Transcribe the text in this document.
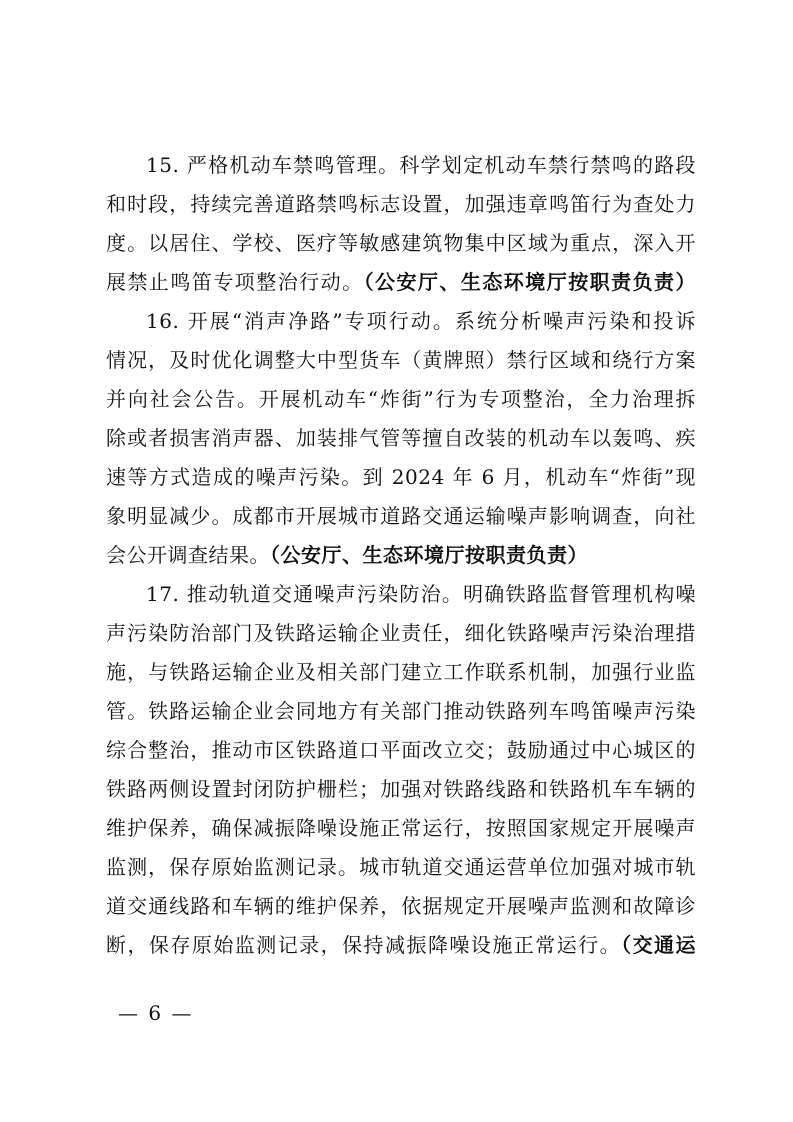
15. 严格机动车禁鸣管理。科学划定机动车禁行禁鸣的路段
和时段，持续完善道路禁鸣标志设置，加强违章鸣笛行为查处力
度。以居住、学校、医疗等敏感建筑物集中区域为重点，深入开
展禁止鸣笛专项整治行动。（公安厅、生态环境厅按职责负责）
16. 开展“消声净路”专项行动。系统分析噪声污染和投诉
情况，及时优化调整大中型货车（黄牌照）禁行区域和绕行方案
并向社会公告。开展机动车“炸街”行为专项整治，全力治理拆
除或者损害消声器、加装排气管等擅自改装的机动车以轰鸣、疾
速等方式造成的噪声污染。到 2024 年 6 月，机动车“炸街”现
象明显减少。成都市开展城市道路交通运输噪声影响调查，向社
会公开调查结果。（公安厅、生态环境厅按职责负责）
17. 推动轨道交通噪声污染防治。明确铁路监督管理机构噪
声污染防治部门及铁路运输企业责任，细化铁路噪声污染治理措
施，与铁路运输企业及相关部门建立工作联系机制，加强行业监
管。铁路运输企业会同地方有关部门推动铁路列车鸣笛噪声污染
综合整治，推动市区铁路道口平面改立交；鼓励通过中心城区的
铁路两侧设置封闭防护栅栏；加强对铁路线路和铁路机车车辆的
维护保养，确保减振降噪设施正常运行，按照国家规定开展噪声
监测，保存原始监测记录。城市轨道交通运营单位加强对城市轨
道交通线路和车辆的维护保养，依据规定开展噪声监测和故障诊
断，保存原始监测记录，保持减振降噪设施正常运行。（交通运
— 6 —
